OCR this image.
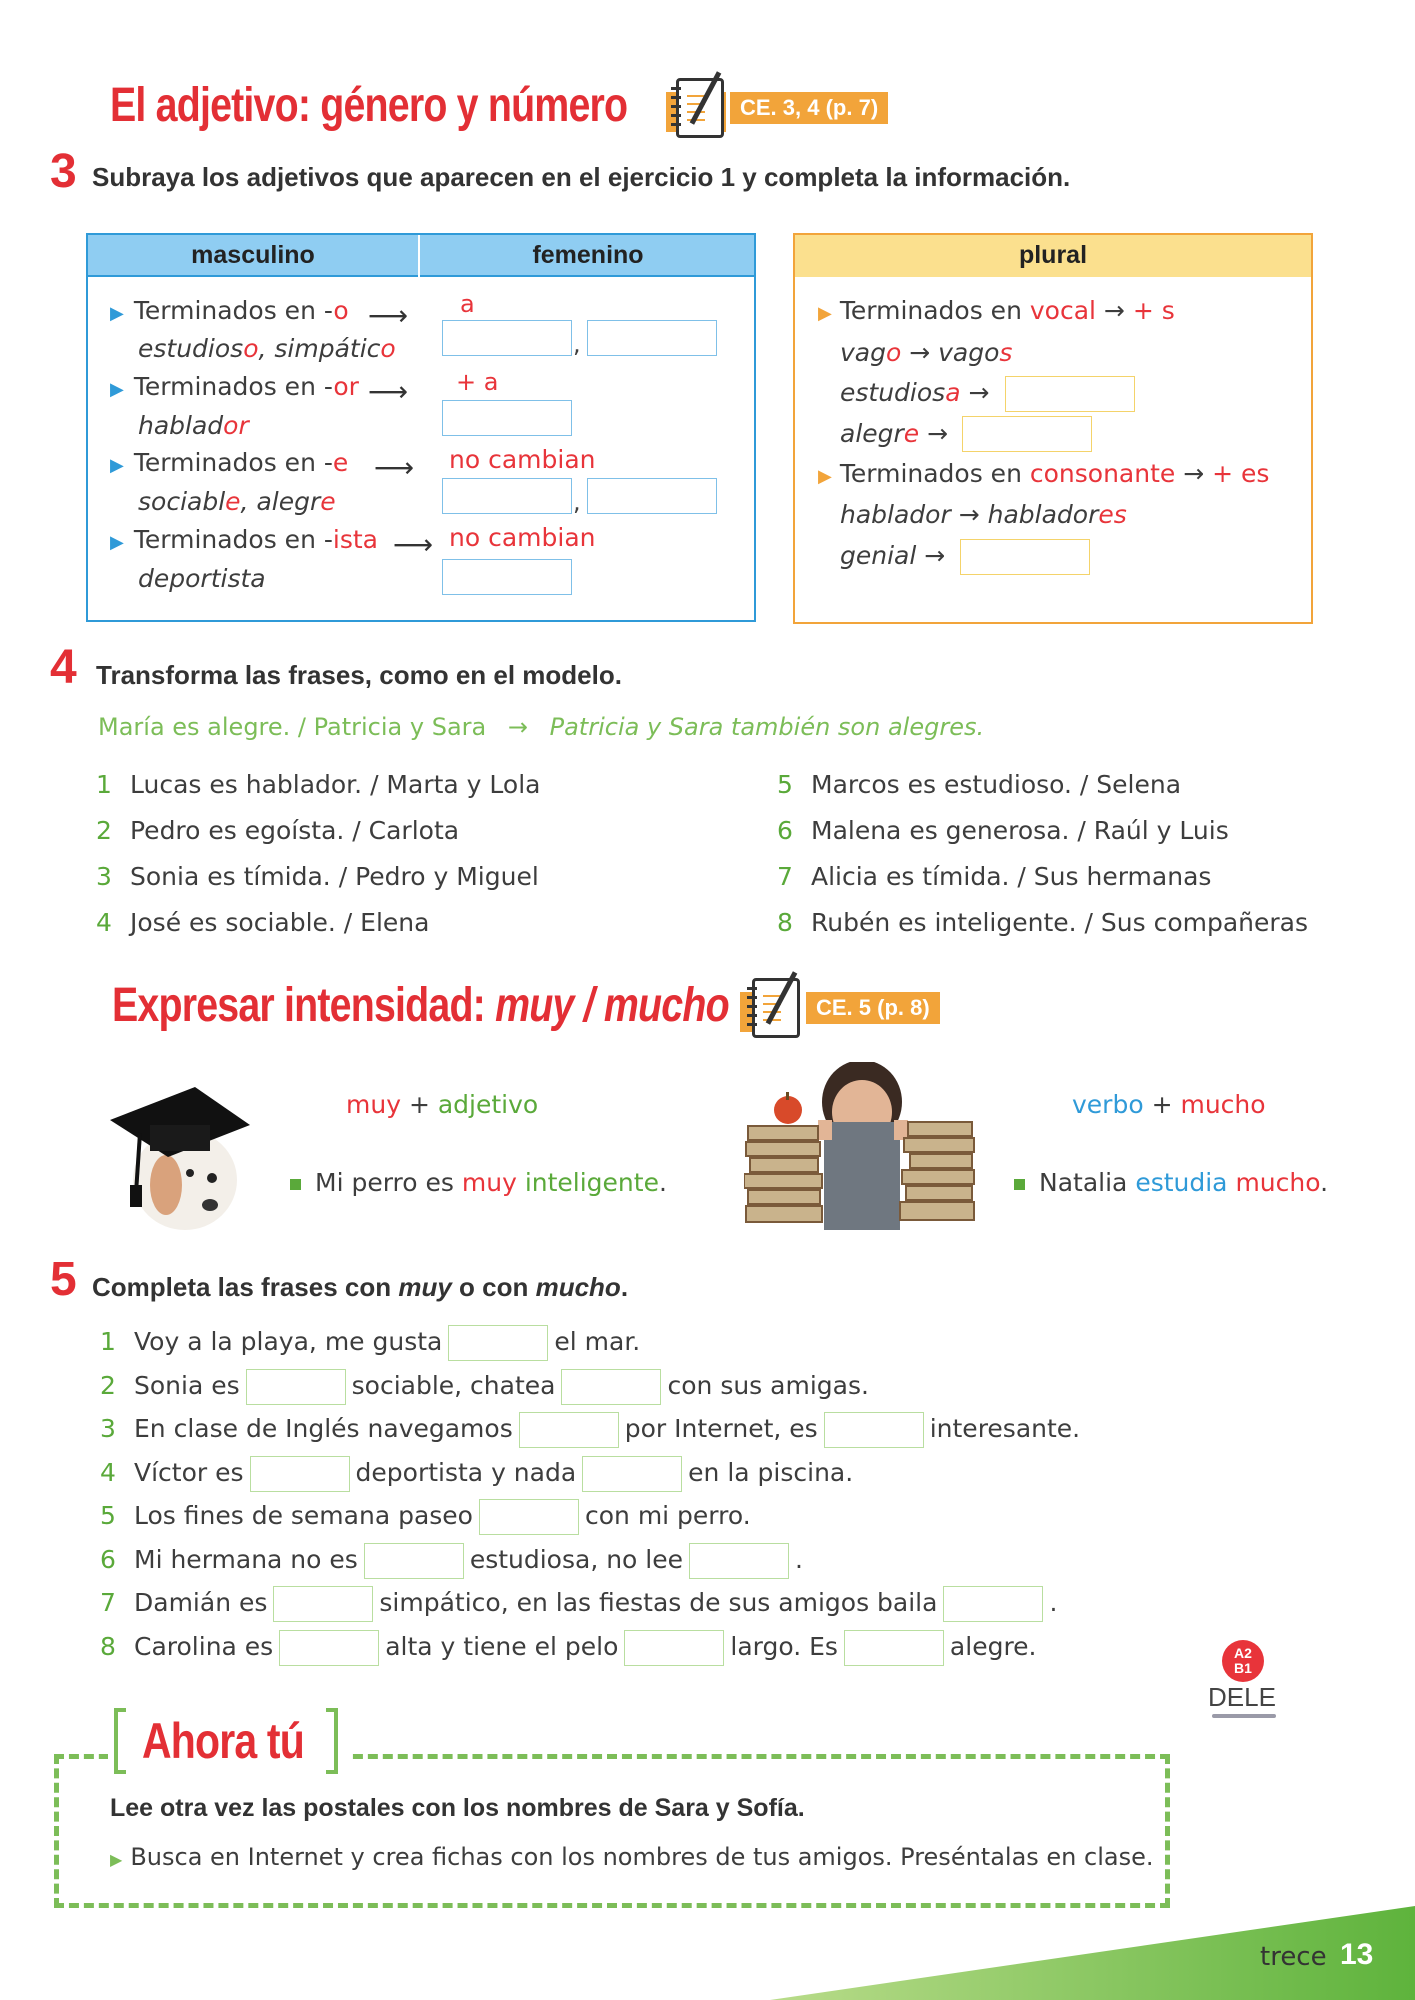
El adjetivo: género y número	CE. 3, 4 (p. 7)
3 Subraya los adjetivos que aparecen en el ejercicio 1 y completa la información.
masculino	femenino
▶ Terminados en -o ⟶ a
estudioso, simpático	,
▶ Terminados en -or ⟶ + a
hablador
▶ Terminados en -e ⟶ no cambian
sociable, alegre	,
▶ Terminados en -ista ⟶ no cambian
deportista
plural
▶ Terminados en vocal → + s
vago → vagos
estudiosa →
alegre →
▶ Terminados en consonante → + es
hablador → habladores
genial →
4 Transforma las frases, como en el modelo.
María es alegre. / Patricia y Sara → Patricia y Sara también son alegres.
1 Lucas es hablador. / Marta y Lola
2 Pedro es egoísta. / Carlota
3 Sonia es tímida. / Pedro y Miguel
4 José es sociable. / Elena
5 Marcos es estudioso. / Selena
6 Malena es generosa. / Raúl y Luis
7 Alicia es tímida. / Sus hermanas
8 Rubén es inteligente. / Sus compañeras
Expresar intensidad: muy / mucho	CE. 5 (p. 8)
muy + adjetivo
Mi perro es muy inteligente.
verbo + mucho
Natalia estudia mucho.
5 Completa las frases con muy o con mucho.
1 Voy a la playa, me gusta	el mar.
2 Sonia es	sociable, chatea	con sus amigas.
3 En clase de Inglés navegamos	por Internet, es	interesante.
4 Víctor es	deportista y nada	en la piscina.
5 Los fines de semana paseo	con mi perro.
6 Mi hermana no es	estudiosa, no lee	.
7 Damián es	simpático, en las fiestas de sus amigos baila	.
8 Carolina es	alta y tiene el pelo	largo. Es	alegre.	A2
B1
DELE
Ahora tú
Lee otra vez las postales con los nombres de Sara y Sofía.
▶ Busca en Internet y crea fichas con los nombres de tus amigos. Preséntalas en clase.
trece 13
